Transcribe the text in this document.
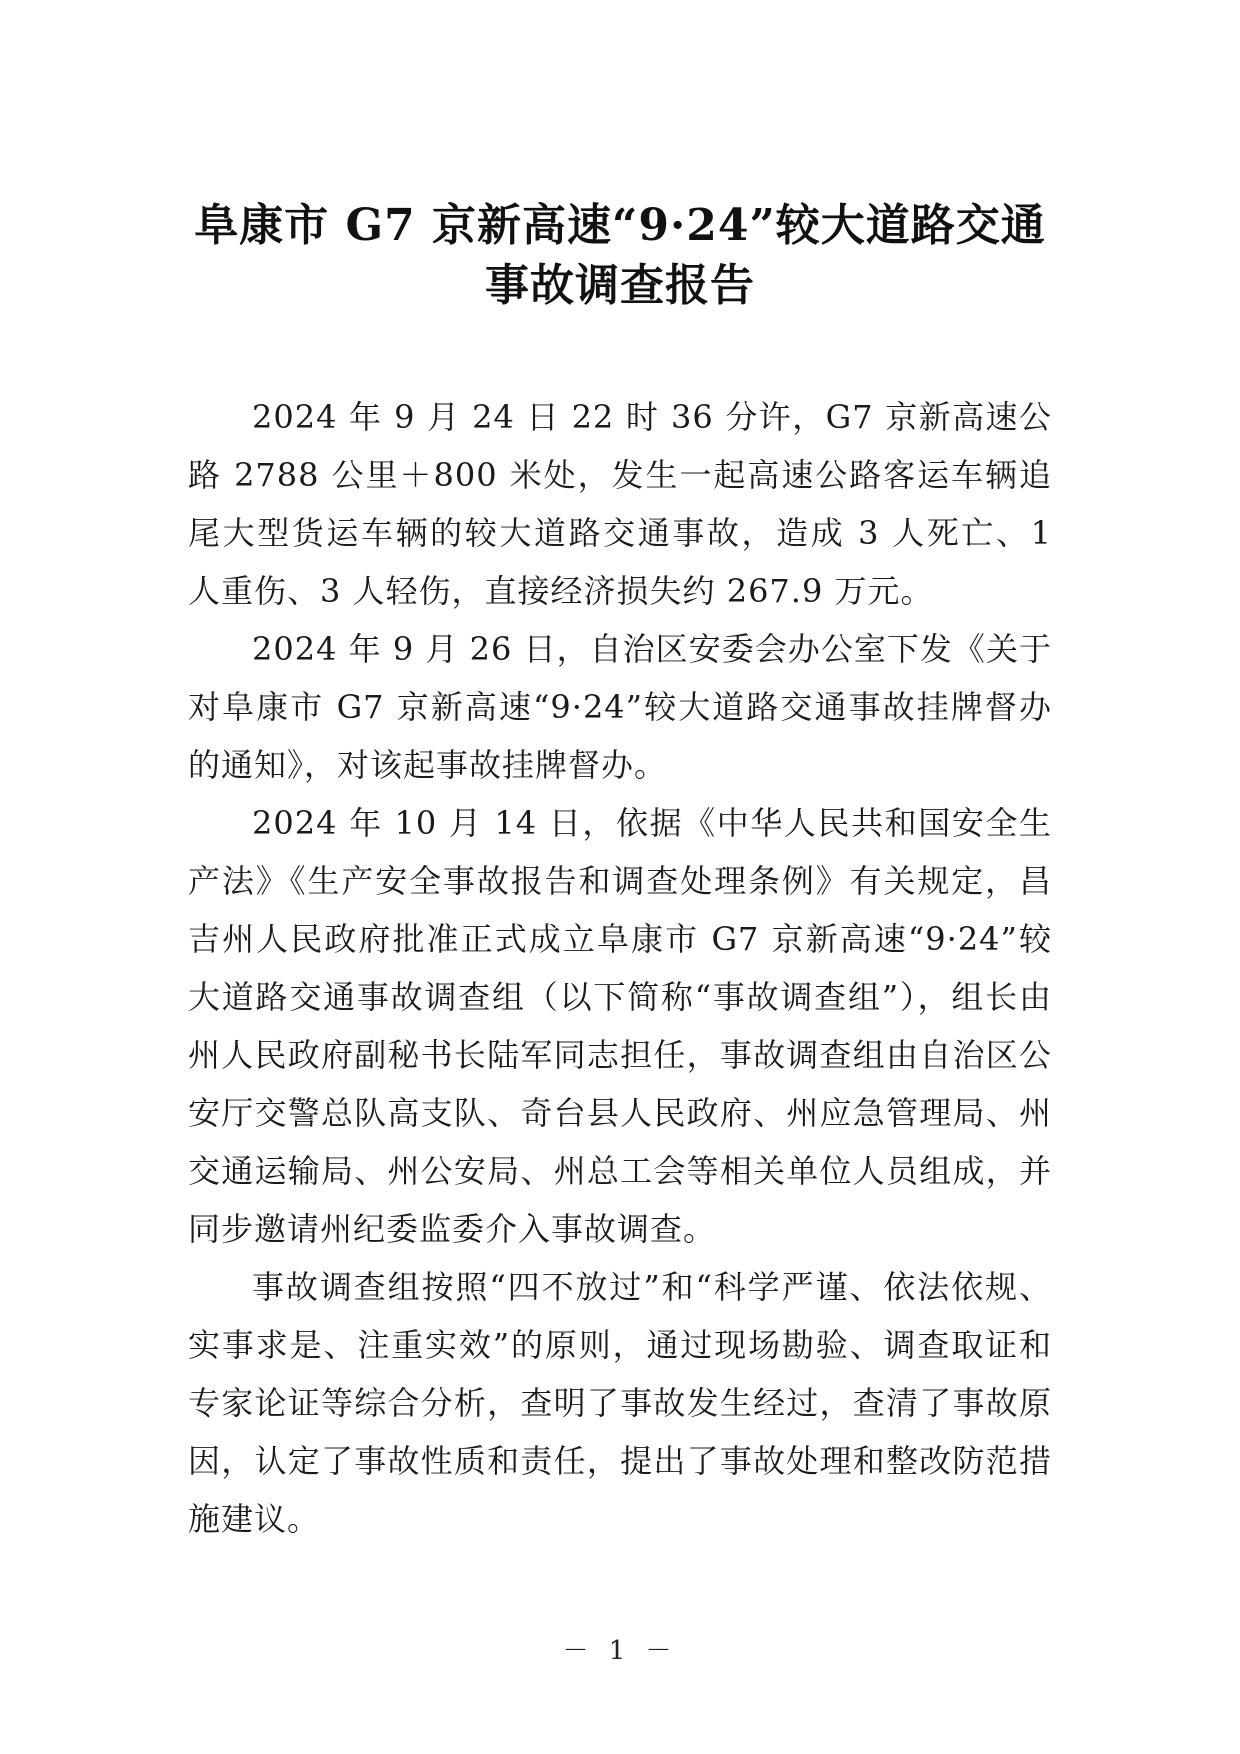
阜康市 G7 京新高速“9·24”较大道路交通
事故调查报告

2024 年 9 月 24 日 22 时 36 分许，G7 京新高速公路 2788 公里＋800 米处，发生一起高速公路客运车辆追尾大型货运车辆的较大道路交通事故，造成 3 人死亡、1 人重伤、3 人轻伤，直接经济损失约 267.9 万元。

2024 年 9 月 26 日，自治区安委会办公室下发《关于对阜康市 G7 京新高速“9·24”较大道路交通事故挂牌督办的通知》，对该起事故挂牌督办。

2024 年 10 月 14 日，依据《中华人民共和国安全生产法》《生产安全事故报告和调查处理条例》有关规定，昌吉州人民政府批准正式成立阜康市 G7 京新高速“9·24”较大道路交通事故调查组（以下简称“事故调查组”），组长由州人民政府副秘书长陆军同志担任，事故调查组由自治区公安厅交警总队高支队、奇台县人民政府、州应急管理局、州交通运输局、州公安局、州总工会等相关单位人员组成，并同步邀请州纪委监委介入事故调查。

事故调查组按照“四不放过”和“科学严谨、依法依规、实事求是、注重实效”的原则，通过现场勘验、调查取证和专家论证等综合分析，查明了事故发生经过，查清了事故原因，认定了事故性质和责任，提出了事故处理和整改防范措施建议。

－ 1 －
